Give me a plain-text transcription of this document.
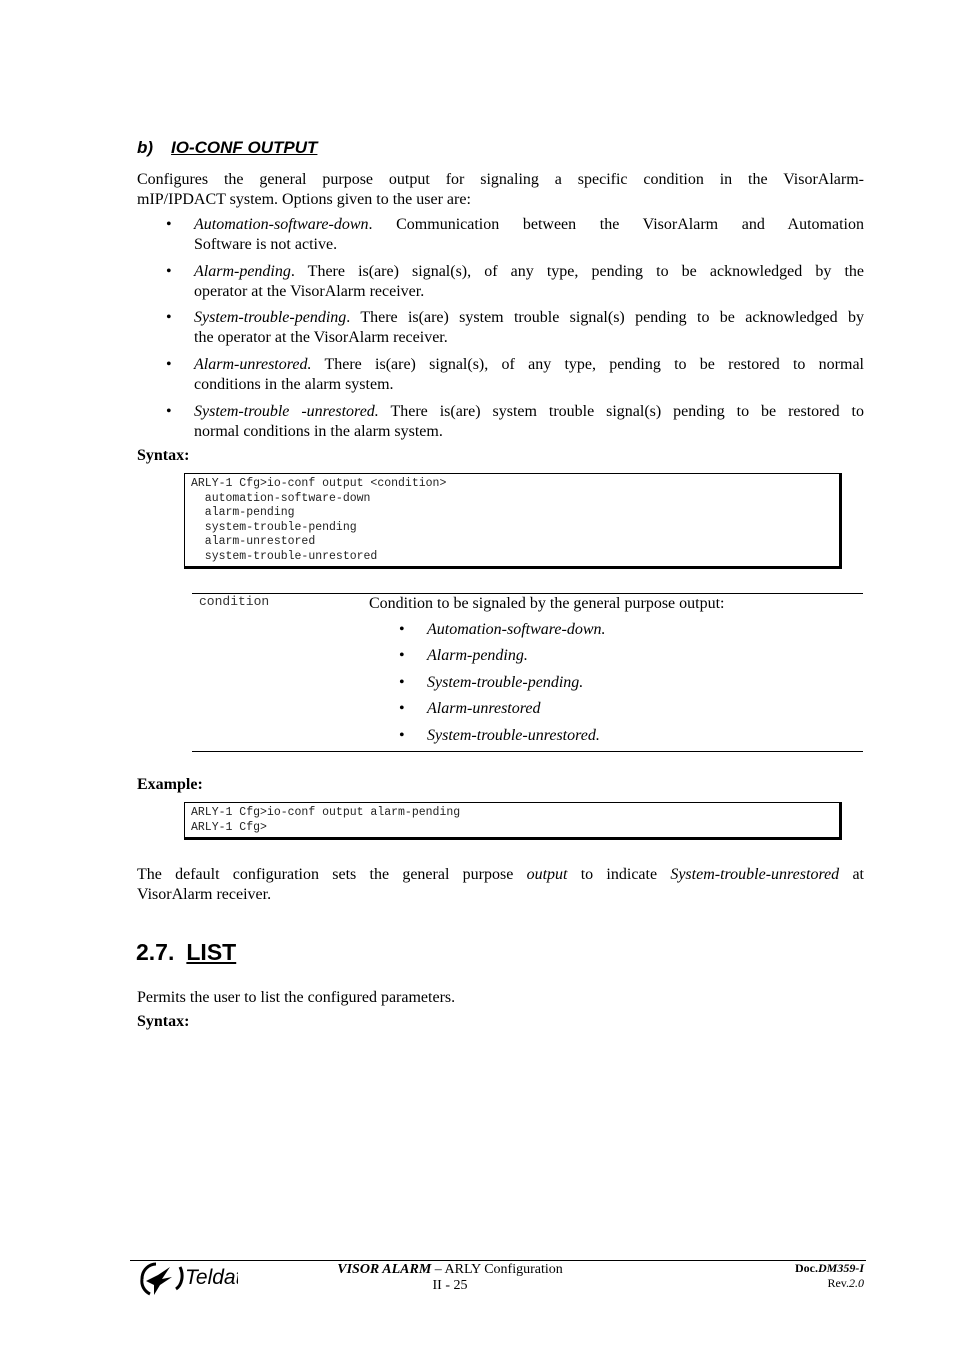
b) IO-CONF OUTPUT
Configures the general purpose output for signaling a specific condition in the VisorAlarm-
mIP/IPDACT system. Options given to the user are:
• Automation-software-down. Communication between the VisorAlarm and Automation
Software is not active.
• Alarm-pending. There is(are) signal(s), of any type, pending to be acknowledged by the
operator at the VisorAlarm receiver.
• System-trouble-pending. There is(are) system trouble signal(s) pending to be acknowledged by
the operator at the VisorAlarm receiver.
• Alarm-unrestored. There is(are) signal(s), of any type, pending to be restored to normal
conditions in the alarm system.
• System-trouble -unrestored. There is(are) system trouble signal(s) pending to be restored to
normal conditions in the alarm system.
Syntax:
ARLY-1 Cfg>io-conf output <condition>
automation-software-down
alarm-pending
system-trouble-pending
alarm-unrestored
system-trouble-unrestored
condition	Condition to be signaled by the general purpose output:
• Automation-software-down.
• Alarm-pending.
• System-trouble-pending.
• Alarm-unrestored
• System-trouble-unrestored.
Example:
ARLY-1 Cfg>io-conf output alarm-pending
ARLY-1 Cfg>
The default configuration sets the general purpose output to indicate System-trouble-unrestored at
VisorAlarm receiver.
2.7. LIST
Permits the user to list the configured parameters.
Syntax:
Teldat	VISOR ALARM – ARLY Configuration
II - 25
Doc.DM359-I
Rev.2.0
